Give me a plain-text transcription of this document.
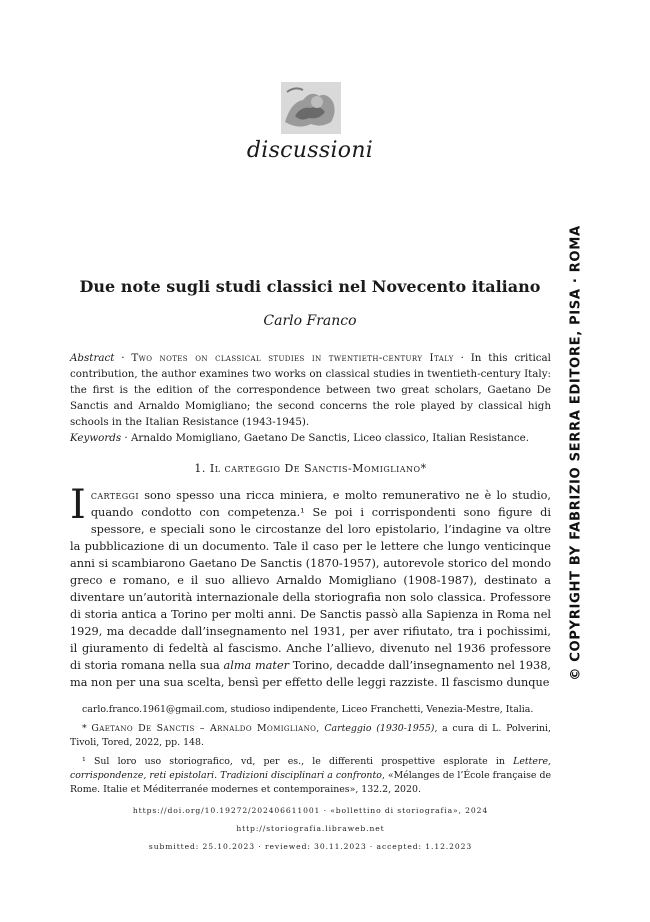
discussioni
© COPYRIGHT BY FABRIZIO SERRA EDITORE, PISA · ROMA
Due note sugli studi classici nel Novecento italiano
Carlo Franco
Abstract · Two notes on classical studies in twentieth-century Italy · In this critical contribution, the author examines two works on classical studies in twentieth-century Italy: the first is the edition of the correspondence between two great scholars, Gaetano De Sanctis and Arnaldo Momigliano; the second concerns the role played by classical high schools in the Italian Resistance (1943-1945).
Keywords · Arnaldo Momigliano, Gaetano De Sanctis, Liceo classico, Italian Resistance.
1. Il carteggio De Sanctis-Momigliano*
I carteggi sono spesso una ricca miniera, e molto remunerativo ne è lo studio, quando condotto con competenza.¹ Se poi i corrispondenti sono figure di spessore, e speciali sono le circostanze del loro epistolario, l’indagine va oltre la pubblicazione di un documento. Tale il caso per le lettere che lungo venticinque anni si scambiarono Gaetano De Sanctis (1870-1957), autorevole storico del mondo greco e romano, e il suo allievo Arnaldo Momigliano (1908-1987), destinato a diventare un’autorità internazionale della storiografia non solo classica. Professore di storia antica a Torino per molti anni. De Sanctis passò alla Sapienza in Roma nel 1929, ma decadde dall’insegnamento nel 1931, per aver rifiutato, tra i pochissimi, il giuramento di fedeltà al fascismo. Anche l’allievo, divenuto nel 1936 professore di storia romana nella sua alma mater Torino, decadde dall’insegnamento nel 1938, ma non per una sua scelta, bensì per effetto delle leggi razziste. Il fascismo dunque

carlo.franco.1961@gmail.com, studioso indipendente, Liceo Franchetti, Venezia-Mestre, Italia.

* Gaetano De Sanctis – Arnaldo Momigliano, Carteggio (1930-1955), a cura di L. Polverini, Tivoli, Tored, 2022, pp. 148.

¹ Sul loro uso storiografico, vd, per es., le differenti prospettive esplorate in Lettere, corrispondenze, reti epistolari. Tradizioni disciplinari a confronto, «Mélanges de l’École française de Rome. Italie et Méditerranée modernes et contemporaines», 132.2, 2020.

https://doi.org/10.19272/202406611001 · «bollettino di storiografia», 2024
http://storiografia.libraweb.net
submitted: 25.10.2023 · reviewed: 30.11.2023 · accepted: 1.12.2023
